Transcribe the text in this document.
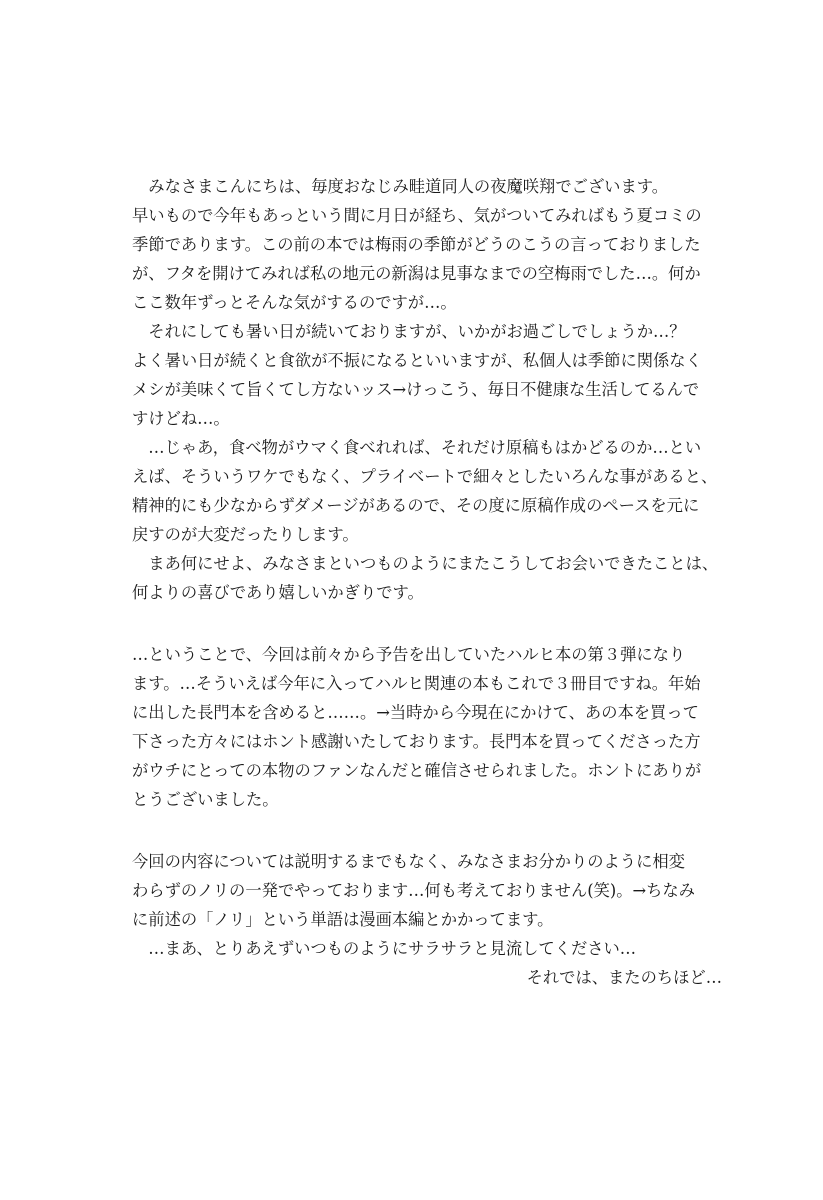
　みなさまこんにちは、毎度おなじみ畦道同人の夜魔咲翔でございます。
早いもので今年もあっという間に月日が経ち、気がついてみればもう夏コミの
季節であります。この前の本では梅雨の季節がどうのこうの言っておりました
が、フタを開けてみれば私の地元の新潟は見事なまでの空梅雨でした…。何か
ここ数年ずっとそんな気がするのですが…。
　それにしても暑い日が続いておりますが、いかがお過ごしでしょうか…？
よく暑い日が続くと食欲が不振になるといいますが、私個人は季節に関係なく
メシが美味くて旨くてし方ないッス→けっこう、毎日不健康な生活してるんで
すけどね…。
　…じゃあ，食べ物がウマく食べれれば、それだけ原稿もはかどるのか…とい
えば、そういうワケでもなく、プライベートで細々としたいろんな事があると、
精神的にも少なからずダメージがあるので、その度に原稿作成のペースを元に
戻すのが大変だったりします。
　まあ何にせよ、みなさまといつものようにまたこうしてお会いできたことは、
何よりの喜びであり嬉しいかぎりです。
…ということで、今回は前々から予告を出していたハルヒ本の第３弾になり
ます。…そういえば今年に入ってハルヒ関連の本もこれで３冊目ですね。年始
に出した長門本を含めると……。→当時から今現在にかけて、あの本を買って
下さった方々にはホント感謝いたしております。長門本を買ってくださった方
がウチにとっての本物のファンなんだと確信させられました。ホントにありが
とうございました。
今回の内容については説明するまでもなく、みなさまお分かりのように相変
わらずのノリの一発でやっております…何も考えておりません(笑)。→ちなみ
に前述の「ノリ」という単語は漫画本編とかかってます。
　…まあ、とりあえずいつものようにサラサラと見流してください…
それでは、またのちほど…
